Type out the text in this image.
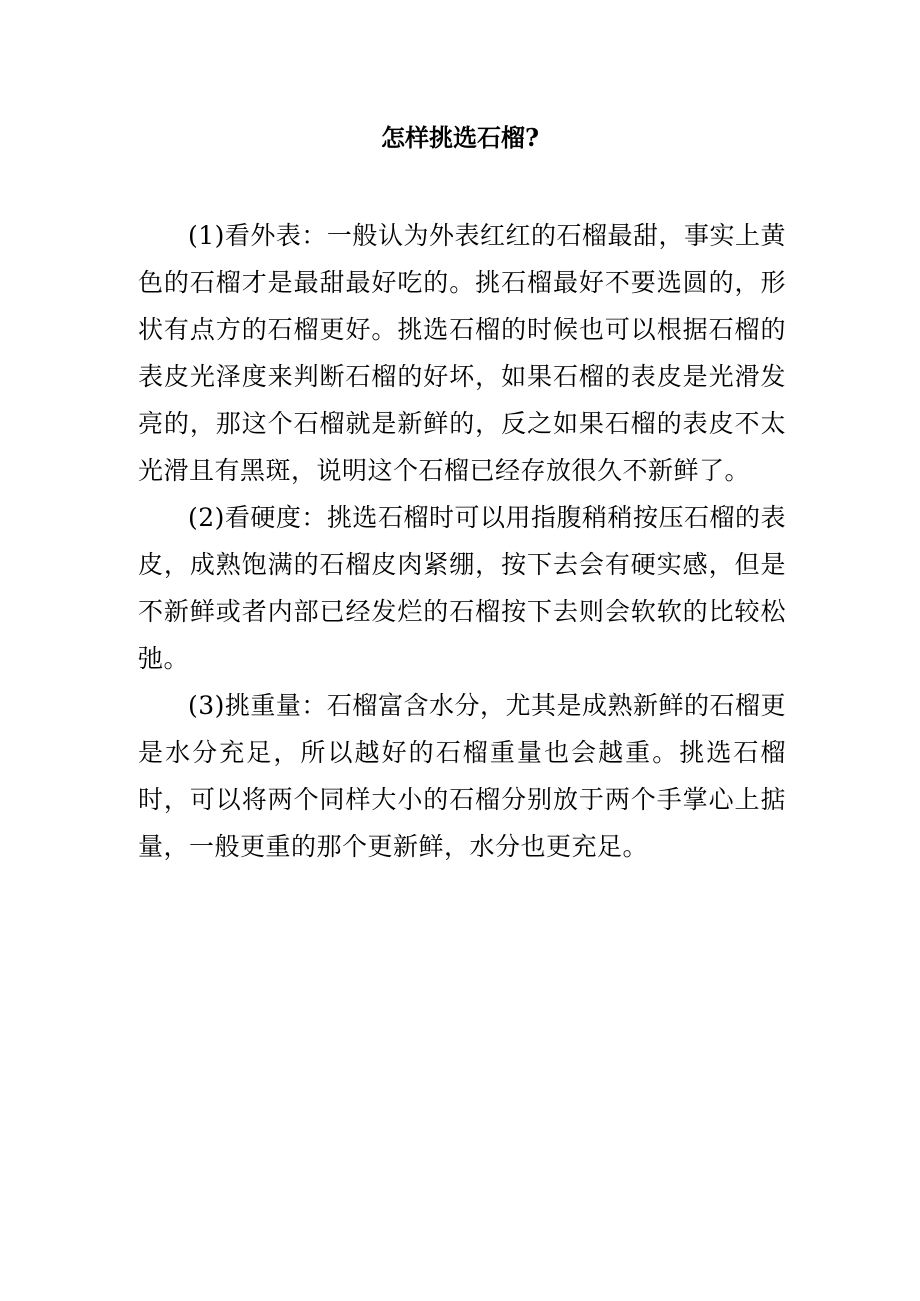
怎样挑选石榴?

(1)看外表：一般认为外表红红的石榴最甜，事实上黄色的石榴才是最甜最好吃的。挑石榴最好不要选圆的，形状有点方的石榴更好。挑选石榴的时候也可以根据石榴的表皮光泽度来判断石榴的好坏，如果石榴的表皮是光滑发亮的，那这个石榴就是新鲜的，反之如果石榴的表皮不太光滑且有黑斑，说明这个石榴已经存放很久不新鲜了。

(2)看硬度：挑选石榴时可以用指腹稍稍按压石榴的表皮，成熟饱满的石榴皮肉紧绷，按下去会有硬实感，但是不新鲜或者内部已经发烂的石榴按下去则会软软的比较松弛。

(3)挑重量：石榴富含水分，尤其是成熟新鲜的石榴更是水分充足，所以越好的石榴重量也会越重。挑选石榴时，可以将两个同样大小的石榴分别放于两个手掌心上掂量，一般更重的那个更新鲜，水分也更充足。
